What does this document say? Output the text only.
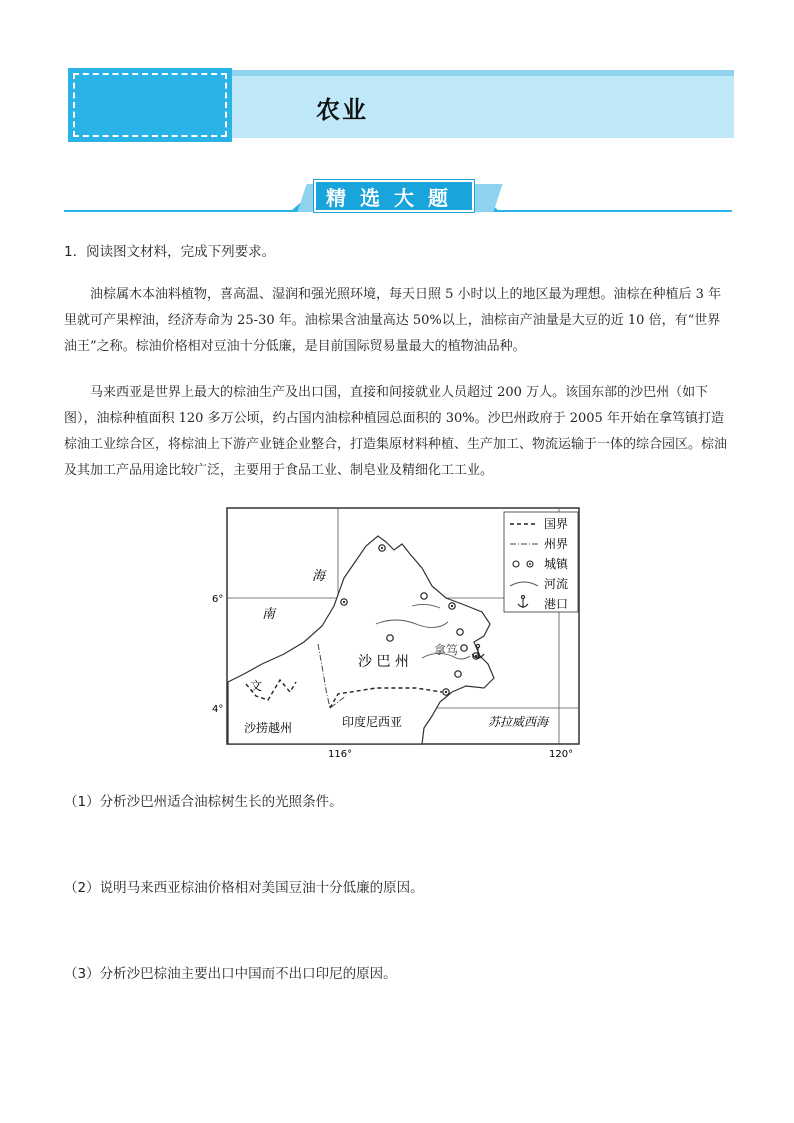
农业
精选大题
1．阅读图文材料，完成下列要求。

油棕属木本油料植物，喜高温、湿润和强光照环境，每天日照 5 小时以上的地区最为理想。油棕在种植后 3 年里就可产果榨油，经济寿命为 25-30 年。油棕果含油量高达 50%以上，油棕亩产油量是大豆的近 10 倍，有“世界油王”之称。棕油价格相对豆油十分低廉，是目前国际贸易量最大的植物油品种。

马来西亚是世界上最大的棕油生产及出口国，直接和间接就业人员超过 200 万人。该国东部的沙巴州（如下图），油棕种植面积 120 多万公顷，约占国内油棕种植园总面积的 30%。沙巴州政府于 2005 年开始在拿笃镇打造棕油工业综合区，将棕油上下游产业链企业整合，打造集原材料种植、生产加工、物流运输于一体的综合园区。棕油及其加工产品用途比较广泛，主要用于食品工业、制皂业及精细化工工业。

国界
州界
城镇
河流
港口
海
南
沙 巴 州
拿笃
文
沙捞越州	印度尼西亚	苏拉威西海
6°
4°
116°	120°
（1）分析沙巴州适合油棕树生长的光照条件。
（2）说明马来西亚棕油价格相对美国豆油十分低廉的原因。
（3）分析沙巴棕油主要出口中国而不出口印尼的原因。
